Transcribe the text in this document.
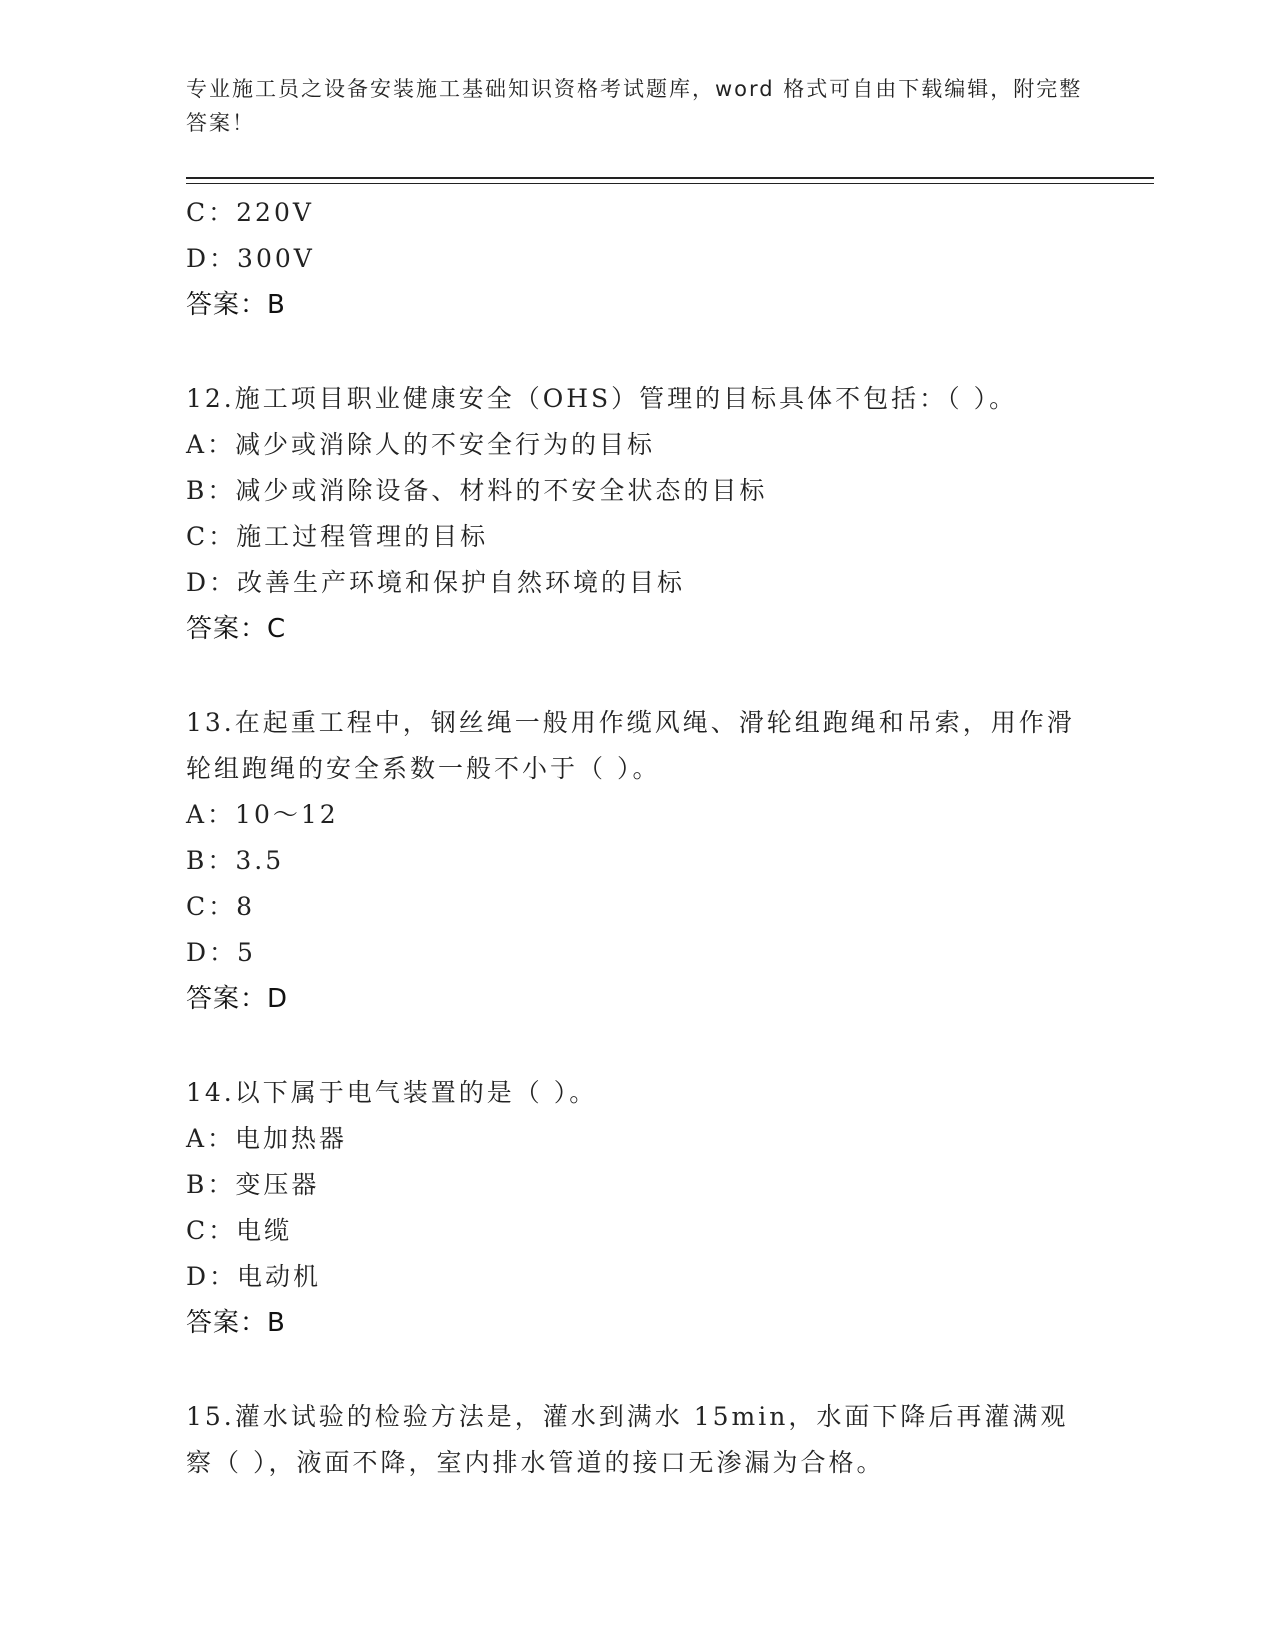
专业施工员之设备安装施工基础知识资格考试题库，word 格式可自由下载编辑，附完整答案！
C：220V
D：300V
答案：B
12.施工项目职业健康安全（OHS）管理的目标具体不包括：（ ）。
A：减少或消除人的不安全行为的目标
B：减少或消除设备、材料的不安全状态的目标
C：施工过程管理的目标
D：改善生产环境和保护自然环境的目标
答案：C
13.在起重工程中，钢丝绳一般用作缆风绳、滑轮组跑绳和吊索，用作滑轮组跑绳的安全系数一般不小于（ ）。
A：10～12
B：3.5
C：8
D：5
答案：D
14.以下属于电气装置的是（ ）。
A：电加热器
B：变压器
C：电缆
D：电动机
答案：B
15.灌水试验的检验方法是，灌水到满水 15min，水面下降后再灌满观察（ ），液面不降，室内排水管道的接口无渗漏为合格。
